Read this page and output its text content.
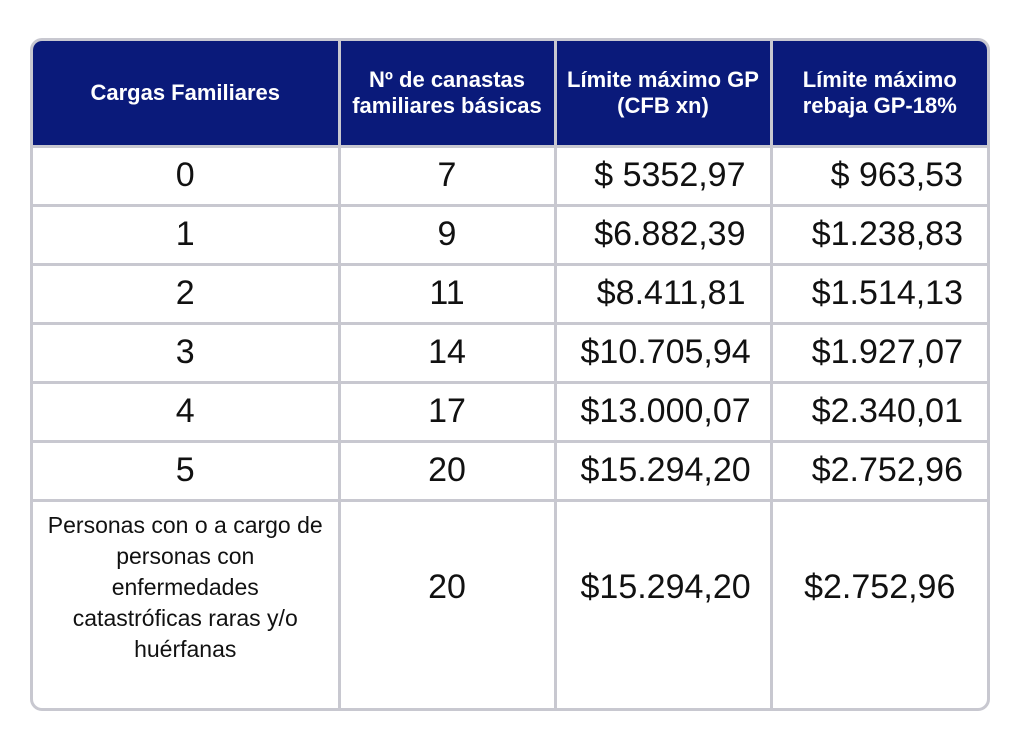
Cargas Familiares	Nº de canastas familiares básicas	Límite máximo GP (CFB xn)	Límite máximo rebaja GP-18%
0	7	$ 5352,97	$ 963,53
1	9	$6.882,39	$1.238,83
2	11	$8.411,81	$1.514,13
3	14	$10.705,94	$1.927,07
4	17	$13.000,07	$2.340,01
5	20	$15.294,20	$2.752,96
Personas con o a cargo de personas con enfermedades catastróficas raras y/o huérfanas	20	$15.294,20	$2.752,96
